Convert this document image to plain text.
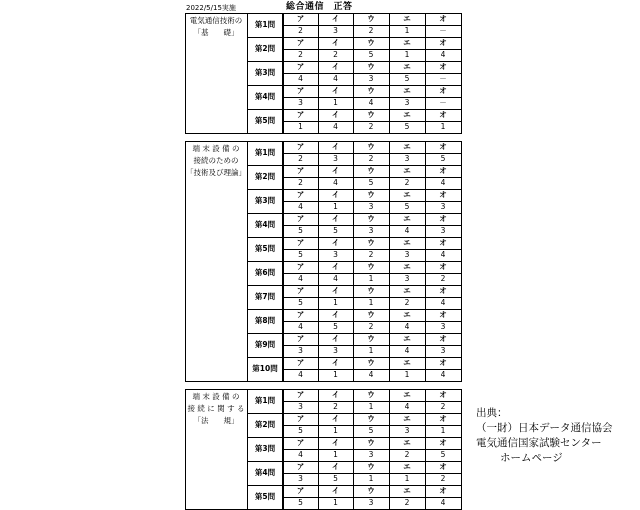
2022/5/15実施	総合通信　正答
電気通信技術の
「基　　礎」
第1問
ア
2
イ
3
ウ
2
エ
1
オ
－
第2問
ア
2
イ
2
ウ
5
エ
1
オ
4
第3問
ア
4
イ
4
ウ
3
エ
5
オ
－
第4問
ア
3
イ
1
ウ
4
エ
3
オ
－
第5問
ア
1
イ
4
ウ
2
エ
5
オ
1
端 末 設 備 の
接続のための
「技術及び理論」
第1問
ア
2
イ
3
ウ
2
エ
3
オ
5
第2問
ア
2
イ
4
ウ
5
エ
2
オ
4
第3問
ア
4
イ
1
ウ
3
エ
5
オ
3
第4問
ア
5
イ
5
ウ
3
エ
4
オ
3
第5問
ア
5
イ
3
ウ
2
エ
3
オ
4
第6問
ア
4
イ
4
ウ
1
エ
3
オ
2
第7問
ア
5
イ
1
ウ
1
エ
2
オ
4
第8問
ア
4
イ
5
ウ
2
エ
4
オ
3
第9問
ア
3
イ
3
ウ
1
エ
4
オ
3
第10問
ア
4
イ
1
ウ
4
エ
1
オ
4
端 末 設 備 の
接 続 に 関 す る
「法　　規」
第1問
ア
3
イ
2
ウ
1
エ
4
オ
2
第2問
ア
5
イ
1
ウ
5
エ
3
オ
1
第3問
ア
4
イ
1
ウ
3
エ
2
オ
5
第4問
ア
3
イ
5
ウ
1
エ
1
オ
2
第5問
ア
5
イ
1
ウ
3
エ
2
オ
4
出典：
（一財）日本データ通信協会
電気通信国家試験センター
ホームページ
